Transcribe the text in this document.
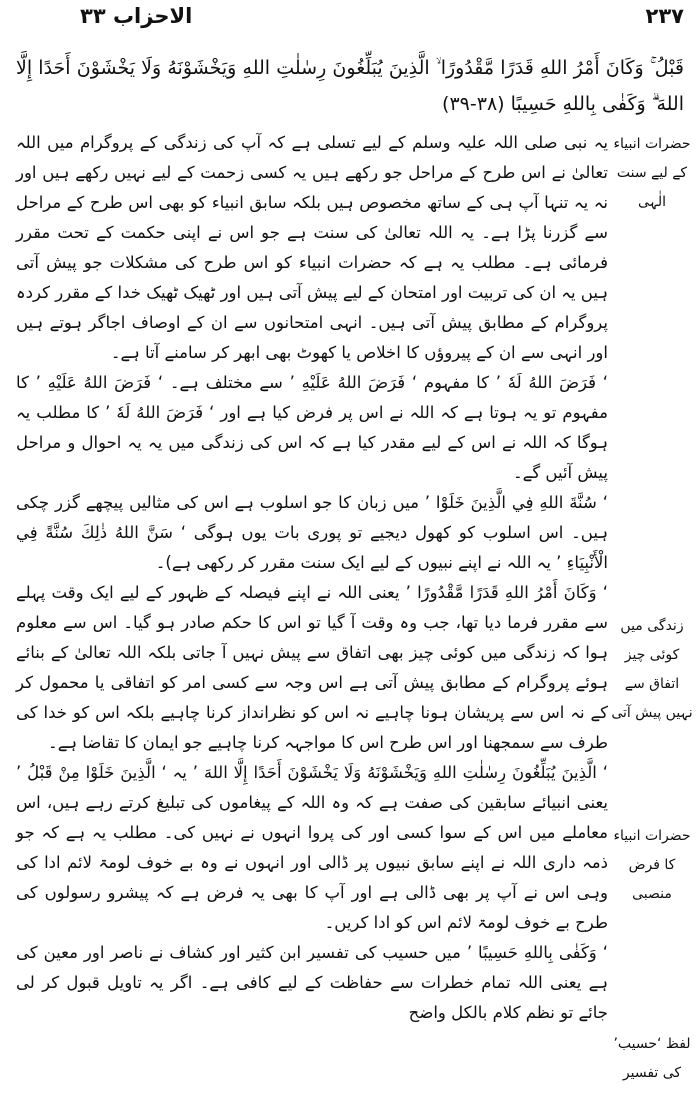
۲۳۷
الاحزاب ۳۳
قَبْلُ ۚ وَكَانَ أَمْرُ اللهِ قَدَرًا مَّقْدُورًا ۙ الَّذِينَ يُبَلِّغُونَ رِسٰلٰتِ اللهِ وَيَخْشَوْنَهُ وَلَا يَخْشَوْنَ أَحَدًا إِلَّا اللهَ ۗ وَكَفٰى بِاللهِ حَسِيبًا (۳۸-۳۹)

یہ نبی صلی اللہ علیہ وسلم کے لیے تسلی ہے کہ آپ کی زندگی کے پروگرام میں اللہ تعالیٰ نے اس طرح کے مراحل جو رکھے ہیں یہ کسی زحمت کے لیے نہیں رکھے ہیں اور نہ یہ تنہا آپ ہی کے ساتھ مخصوص ہیں بلکہ سابق انبیاء کو بھی اس طرح کے مراحل سے گزرنا پڑا ہے۔ یہ اللہ تعالیٰ کی سنت ہے جو اس نے اپنی حکمت کے تحت مقرر فرمائی ہے۔ مطلب یہ ہے کہ حضرات انبیاء کو اس طرح کی مشکلات جو پیش آتی ہیں یہ ان کی تربیت اور امتحان کے لیے پیش آتی ہیں اور ٹھیک ٹھیک خدا کے مقرر کردہ پروگرام کے مطابق پیش آتی ہیں۔ انہی امتحانوں سے ان کے اوصاف اجاگر ہوتے ہیں اور انہی سے ان کے پیروؤں کا اخلاص یا کھوٹ بھی ابھر کر سامنے آتا ہے۔

‘ فَرَضَ اللهُ لَهٗ ’ کا مفہوم ‘ فَرَضَ اللهُ عَلَيْهِ ’ سے مختلف ہے۔ ‘ فَرَضَ اللهُ عَلَيْهِ ’ کا مفہوم تو یہ ہوتا ہے کہ اللہ نے اس پر فرض کیا ہے اور ‘ فَرَضَ اللهُ لَهٗ ’ کا مطلب یہ ہوگا کہ اللہ نے اس کے لیے مقدر کیا ہے کہ اس کی زندگی میں یہ یہ احوال و مراحل پیش آئیں گے۔

‘ سُنَّةَ اللهِ فِي الَّذِينَ خَلَوْا ’ میں زبان کا جو اسلوب ہے اس کی مثالیں پیچھے گزر چکی ہیں۔ اس اسلوب کو کھول دیجیے تو پوری بات یوں ہوگی ‘ سَنَّ اللهُ ذٰلِكَ سُنَّةً فِي الْأَنْبِيَاءِ ’ یہ اللہ نے اپنے نبیوں کے لیے ایک سنت مقرر کر رکھی ہے)۔

‘ وَكَانَ أَمْرُ اللهِ قَدَرًا مَّقْدُورًا ’ یعنی اللہ نے اپنے فیصلہ کے ظہور کے لیے ایک وقت پہلے سے مقرر فرما دیا تھا، جب وہ وقت آ گیا تو اس کا حکم صادر ہو گیا۔ اس سے معلوم ہوا کہ زندگی میں کوئی چیز بھی اتفاق سے پیش نہیں آ جاتی بلکہ اللہ تعالیٰ کے بنائے ہوئے پروگرام کے مطابق پیش آتی ہے اس وجہ سے کسی امر کو اتفاقی یا محمول کر کے نہ اس سے پریشان ہونا چاہیے نہ اس کو نظرانداز کرنا چاہیے بلکہ اس کو خدا کی طرف سے سمجھنا اور اس طرح اس کا مواجہہ کرنا چاہیے جو ایمان کا تقاضا ہے۔

‘ الَّذِينَ يُبَلِّغُونَ رِسٰلٰتِ اللهِ وَيَخْشَوْنَهُ وَلَا يَخْشَوْنَ أَحَدًا إِلَّا اللهَ ’ یہ ‘ الَّذِينَ خَلَوْا مِنْ قَبْلُ ’ یعنی انبیائے سابقین کی صفت ہے کہ وہ اللہ کے پیغاموں کی تبلیغ کرتے رہے ہیں، اس معاملے میں اس کے سوا کسی اور کی پروا انہوں نے نہیں کی۔ مطلب یہ ہے کہ جو ذمہ داری اللہ نے اپنے سابق نبیوں پر ڈالی اور انہوں نے وہ بے خوف لومۃ لائم ادا کی وہی اس نے آپ پر بھی ڈالی ہے اور آپ کا بھی یہ فرض ہے کہ پیشرو رسولوں کی طرح بے خوف لومۃ لائم اس کو ادا کریں۔

‘ وَكَفٰى بِاللهِ حَسِيبًا ’ میں حسیب کی تفسیر ابن کثیر اور کشاف نے ناصر اور معین کی ہے یعنی اللہ تمام خطرات سے حفاظت کے لیے کافی ہے۔ اگر یہ تاویل قبول کر لی جائے تو نظم کلام بالکل واضح

حضرات انبیاء کے لیے سنت الٰہی
زندگی میں کوئی چیز اتفاق سے نہیں پیش آتی
حضرات انبیاء کا فرض منصبی
لفظ ‘حسیب’ کی تفسیر
